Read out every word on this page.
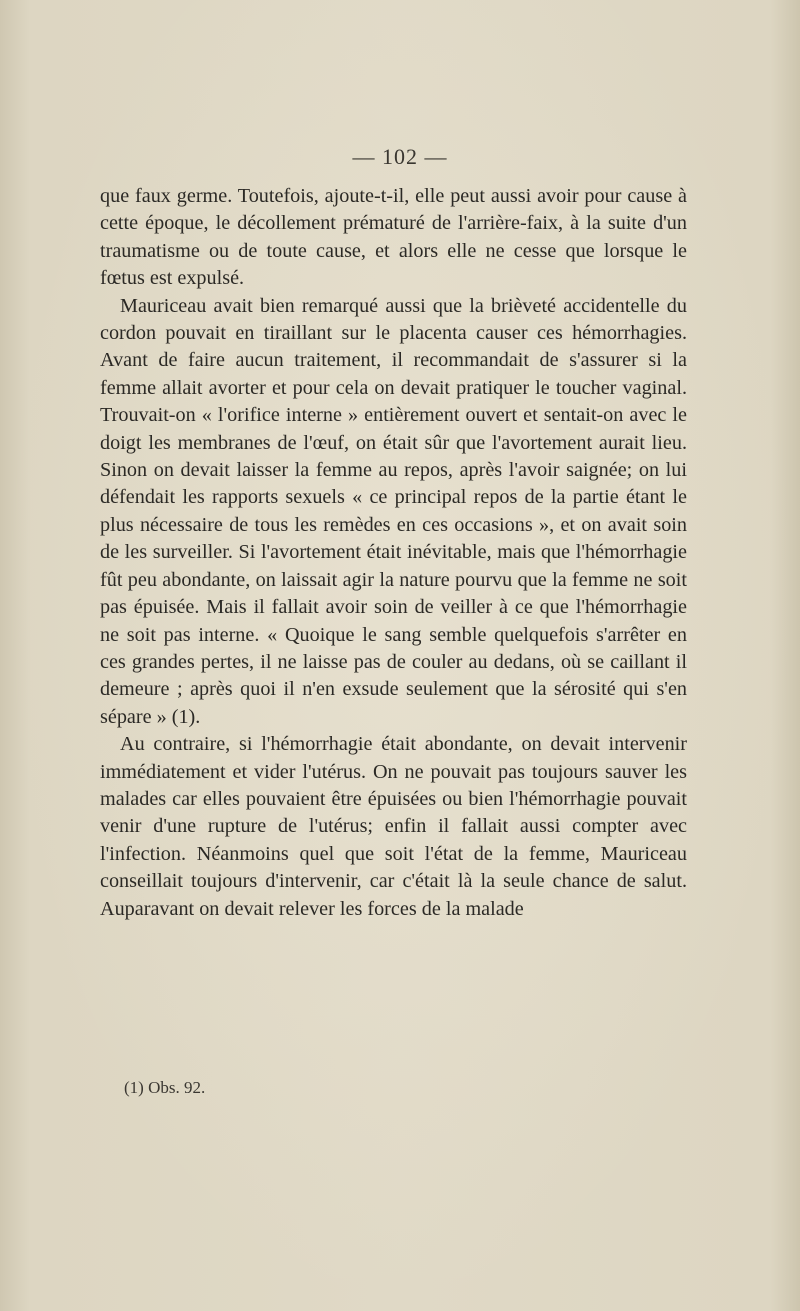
— 102 —

que faux germe. Toutefois, ajoute-t-il, elle peut aussi avoir pour cause à cette époque, le décollement prématuré de l'arrière-faix, à la suite d'un traumatisme ou de toute cause, et alors elle ne cesse que lorsque le fœtus est expulsé.

Mauriceau avait bien remarqué aussi que la brièveté accidentelle du cordon pouvait en tiraillant sur le placenta causer ces hémorrhagies. Avant de faire aucun traitement, il recommandait de s'assurer si la femme allait avorter et pour cela on devait pratiquer le toucher vaginal. Trouvait-on « l'orifice interne » entièrement ouvert et sentait-on avec le doigt les membranes de l'œuf, on était sûr que l'avortement aurait lieu. Sinon on devait laisser la femme au repos, après l'avoir saignée; on lui défendait les rapports sexuels « ce principal repos de la partie étant le plus nécessaire de tous les remèdes en ces occasions », et on avait soin de les surveiller. Si l'avortement était inévitable, mais que l'hémorrhagie fût peu abondante, on laissait agir la nature pourvu que la femme ne soit pas épuisée. Mais il fallait avoir soin de veiller à ce que l'hémorrhagie ne soit pas interne. « Quoique le sang semble quelquefois s'arrêter en ces grandes pertes, il ne laisse pas de couler au dedans, où se caillant il demeure ; après quoi il n'en exsude seulement que la sérosité qui s'en sépare » (1).

Au contraire, si l'hémorrhagie était abondante, on devait intervenir immédiatement et vider l'utérus. On ne pouvait pas toujours sauver les malades car elles pouvaient être épuisées ou bien l'hémorrhagie pouvait venir d'une rupture de l'utérus; enfin il fallait aussi compter avec l'infection. Néanmoins quel que soit l'état de la femme, Mauriceau conseillait toujours d'intervenir, car c'était là la seule chance de salut. Auparavant on devait relever les forces de la malade

(1) Obs. 92.
